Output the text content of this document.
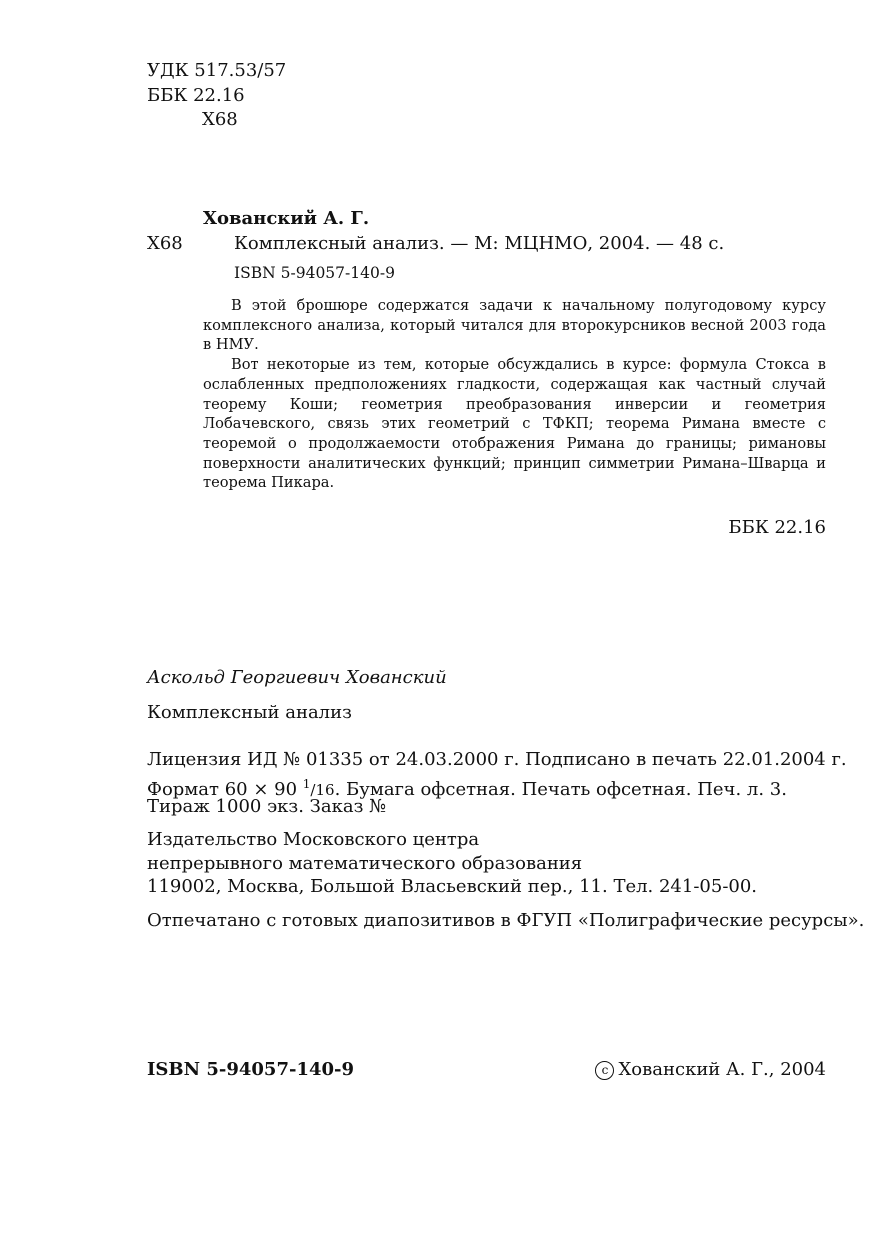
УДК 517.53/57
ББК 22.16
Х68
Хованский А. Г.
Х68	Комплексный анализ. — М: МЦНМО, 2004. — 48 с.
ISBN 5-94057-140-9

В этой брошюре содержатся задачи к начальному полугодовому курсу комплексного анализа, который читался для второкурсников весной 2003 года в НМУ.

Вот некоторые из тем, которые обсуждались в курсе: формула Стокса в ослабленных предположениях гладкости, содержащая как частный случай теорему Коши; геометрия преобразования инверсии и геометрия Лобачевского, связь этих геометрий с ТФКП; теорема Римана вместе с теоремой о продолжаемости отображения Римана до границы; римановы поверхности аналитических функций; принцип симметрии Римана–Шварца и теорема Пикара.

ББК 22.16
Аскольд Георгиевич Хованский
Комплексный анализ
Лицензия ИД № 01335 от 24.03.2000 г. Подписано в печать 22.01.2004 г.
Формат 60 × 90 $^1$/16. Бумага офсетная. Печать офсетная. Печ. л. 3.
Тираж 1000 экз. Заказ №
Издательство Московского центра
непрерывного математического образования
119002, Москва, Большой Власьевский пер., 11. Тел. 241-05-00.
Отпечатано с готовых диапозитивов в ФГУП «Полиграфические ресурсы».
ISBN 5-94057-140-9	c Хованский А. Г., 2004
